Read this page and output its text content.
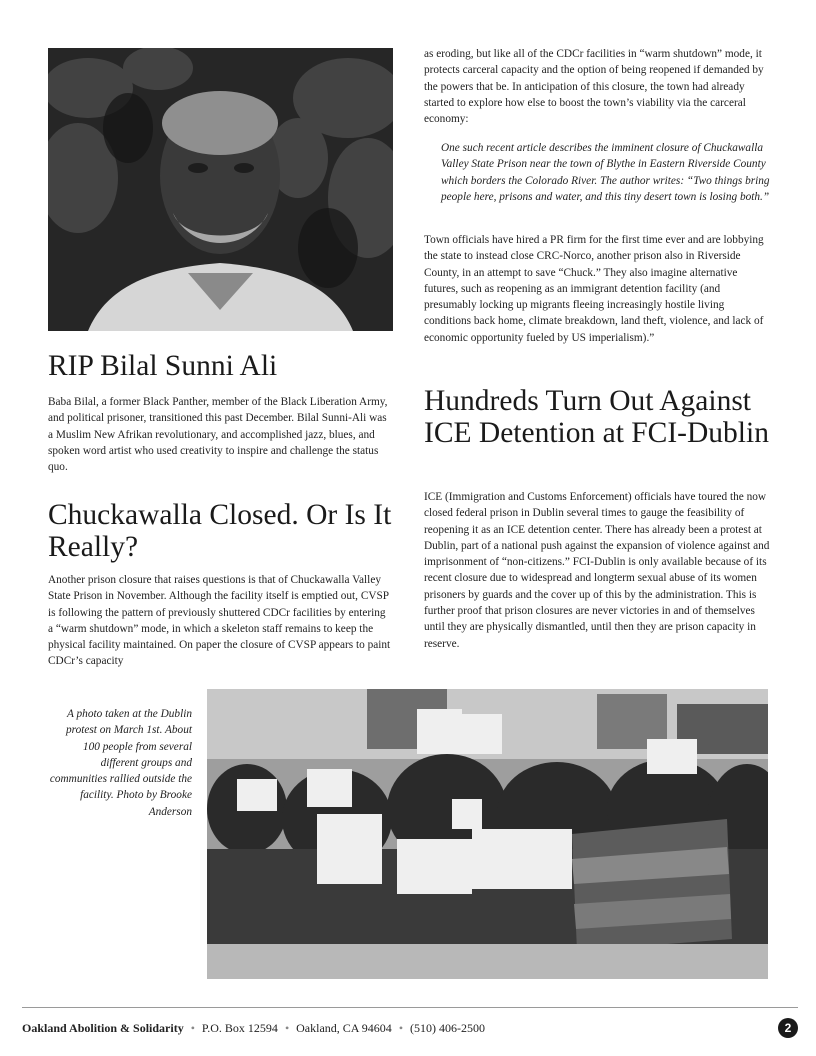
RIP Bilal Sunni Ali

Baba Bilal, a former Black Panther, member of the Black Liberation Army, and political prisoner, transitioned this past December. Bilal Sunni-Ali was a Muslim New Afrikan revolutionary, and accomplished jazz, blues, and spoken word artist who used creativity to inspire and challenge the status quo.

Chuckawalla Closed. Or Is It Really?

Another prison closure that raises questions is that of Chuckawalla Valley State Prison in November. Although the facility itself is emptied out, CVSP is following the pattern of previously shuttered CDCr facilities by entering a “warm shutdown” mode, in which a skeleton staff remains to keep the physical facility maintained. On paper the closure of CVSP appears to paint CDCr’s capacity

as eroding, but like all of the CDCr facilities in “warm shutdown” mode, it protects carceral capacity and the option of being reopened if demanded by the powers that be. In anticipation of this closure, the town had already started to explore how else to boost the town’s viability via the carceral economy:

One such recent article describes the imminent closure of Chuckawalla Valley State Prison near the town of Blythe in Eastern Riverside County which borders the Colorado River. The author writes: “Two things bring people here, prisons and water, and this tiny desert town is losing both.”

Town officials have hired a PR firm for the first time ever and are lobbying the state to instead close CRC-Norco, another prison also in Riverside County, in an attempt to save “Chuck.” They also imagine alternative futures, such as reopening as an immigrant detention facility (and presumably locking up migrants fleeing increasingly hostile living conditions back home, climate breakdown, land theft, violence, and lack of economic opportunity fueled by US imperialism).”

Hundreds Turn Out Against ICE Detention at FCI-Dublin

ICE (Immigration and Customs Enforcement) officials have toured the now closed federal prison in Dublin several times to gauge the feasibility of reopening it as an ICE detention center. There has already been a protest at Dublin, part of a national push against the expansion of violence against and imprisonment of “non-citizens.” FCI-Dublin is only available because of its recent closure due to widespread and longterm sexual abuse of its women prisoners by guards and the cover up of this by the administration. This is further proof that prison closures are never victories in and of themselves until they are physically dismantled, until then they are prison capacity in reserve.

A photo taken at the Dublin protest on March 1st. About 100 people from several different groups and communities rallied outside the facility. Photo by Brooke Anderson

Oakland Abolition & Solidarity • P.O. Box 12594 • Oakland, CA 94604 • (510) 406-2500	2
